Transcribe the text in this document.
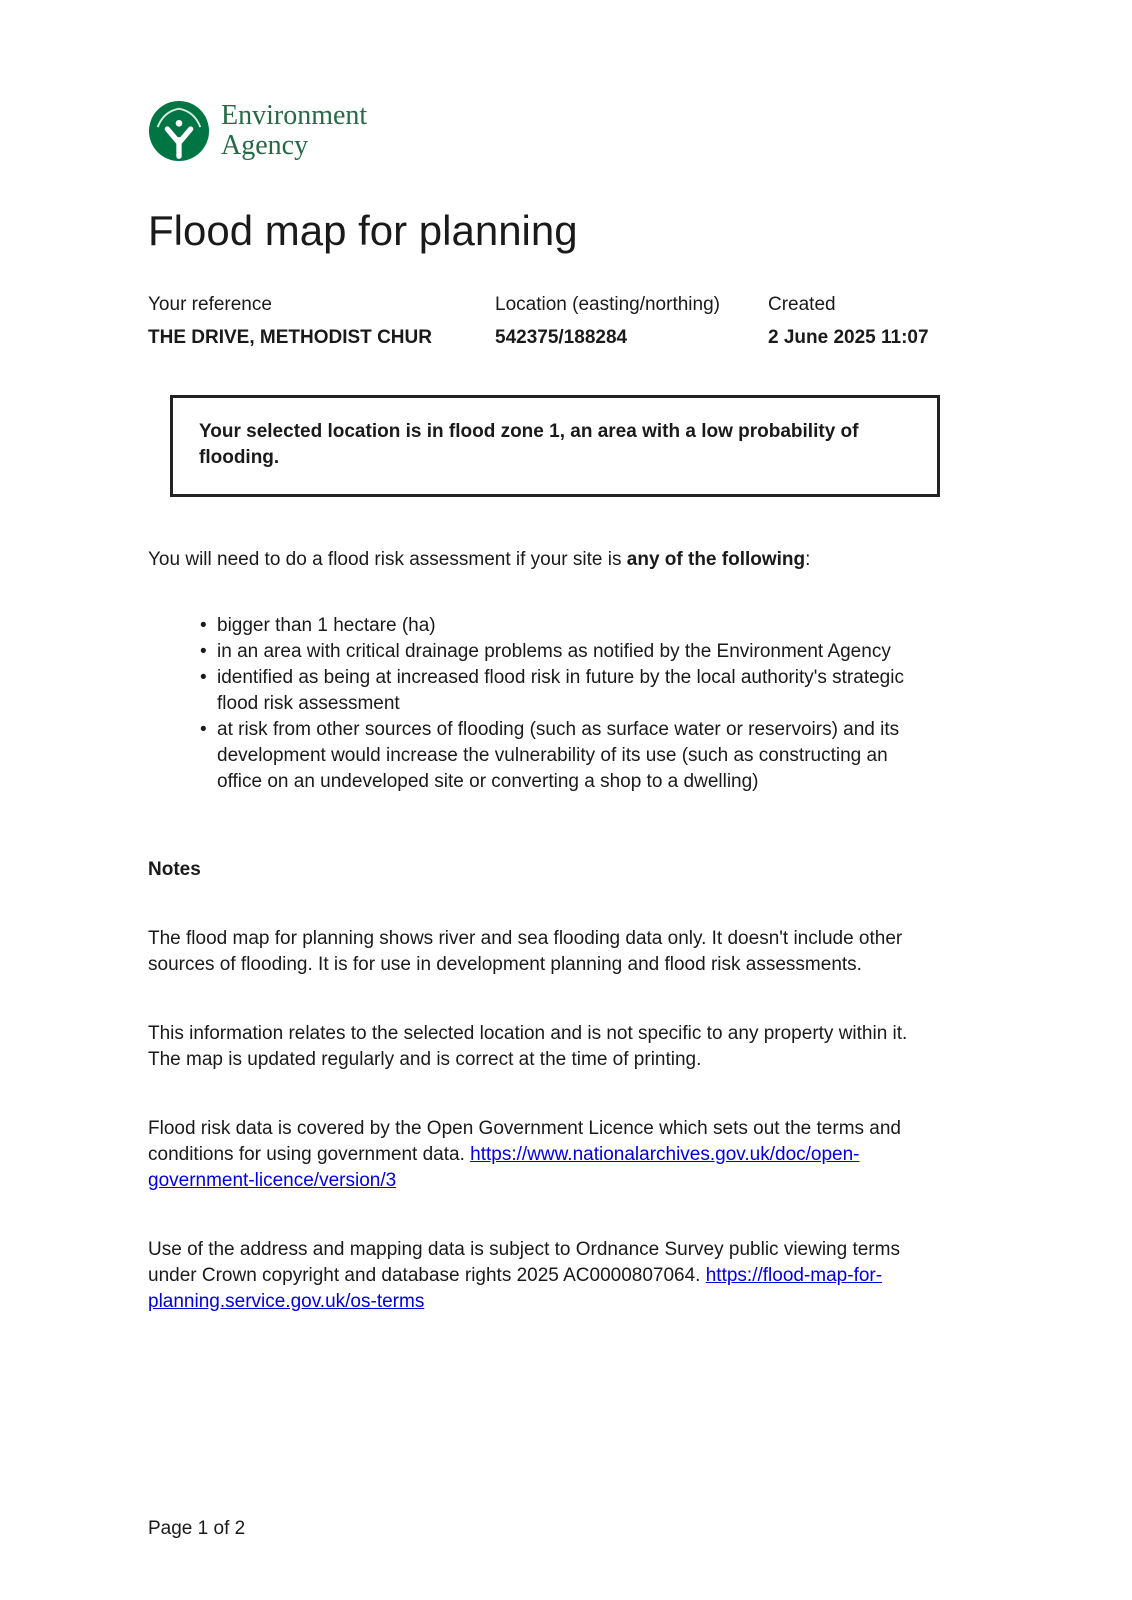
Environment
Agency
Flood map for planning
Your reference
THE DRIVE, METHODIST CHUR
Location (easting/northing)
542375/188284
Created
2 June 2025 11:07
Your selected location is in flood zone 1, an area with a low probability of flooding.

You will need to do a flood risk assessment if your site is any of the following:

• bigger than 1 hectare (ha)
• in an area with critical drainage problems as notified by the Environment Agency
• identified as being at increased flood risk in future by the local authority's strategic flood risk assessment
• at risk from other sources of flooding (such as surface water or reservoirs) and its development would increase the vulnerability of its use (such as constructing an office on an undeveloped site or converting a shop to a dwelling)
Notes

The flood map for planning shows river and sea flooding data only. It doesn't include other sources of flooding. It is for use in development planning and flood risk assessments.

This information relates to the selected location and is not specific to any property within it. The map is updated regularly and is correct at the time of printing.

Flood risk data is covered by the Open Government Licence which sets out the terms and conditions for using government data. https://www.nationalarchives.gov.uk/doc/open-government-licence/version/3

Use of the address and mapping data is subject to Ordnance Survey public viewing terms under Crown copyright and database rights 2025 AC0000807064. https://flood-map-for-planning.service.gov.uk/os-terms

Page 1 of 2
